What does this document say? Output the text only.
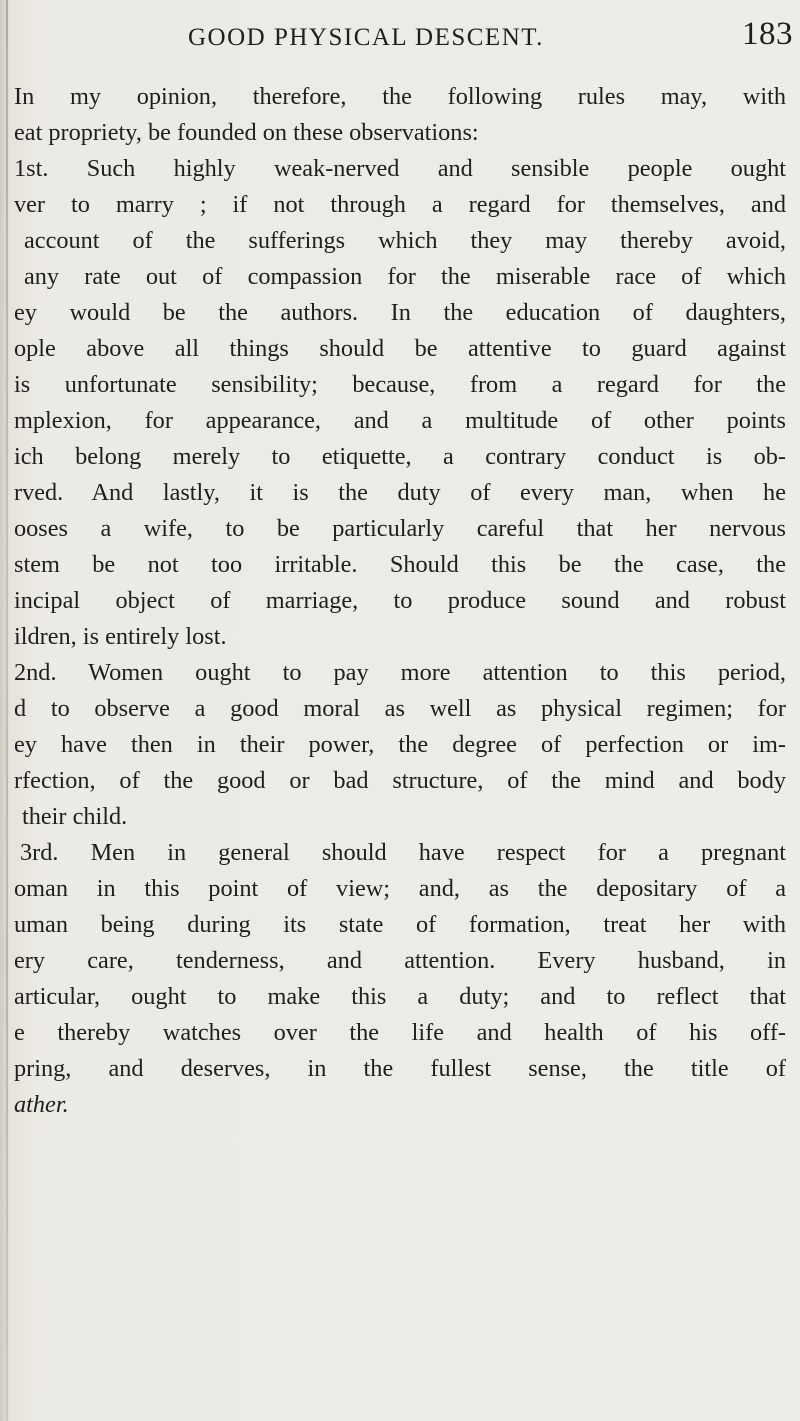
GOOD PHYSICAL DESCENT.	183
In my opinion, therefore, the following rules may, with
eat propriety, be founded on these observations:
1st. Such highly weak-nerved and sensible people ought
ver to marry ; if not through a regard for themselves, and
account of the sufferings which they may thereby avoid,
any rate out of compassion for the miserable race of which
ey would be the authors. In the education of daughters,
ople above all things should be attentive to guard against
is unfortunate sensibility; because, from a regard for the
mplexion, for appearance, and a multitude of other points
ich belong merely to etiquette, a contrary conduct is ob-
rved. And lastly, it is the duty of every man, when he
ooses a wife, to be particularly careful that her nervous
stem be not too irritable. Should this be the case, the
incipal object of marriage, to produce sound and robust
ildren, is entirely lost.
2nd. Women ought to pay more attention to this period,
d to observe a good moral as well as physical regimen; for
ey have then in their power, the degree of perfection or im-
rfection, of the good or bad structure, of the mind and body
their child.
3rd. Men in general should have respect for a pregnant
oman in this point of view; and, as the depositary of a
uman being during its state of formation, treat her with
ery care, tenderness, and attention. Every husband, in
articular, ought to make this a duty; and to reflect that
e thereby watches over the life and health of his off-
pring, and deserves, in the fullest sense, the title of
ather.
